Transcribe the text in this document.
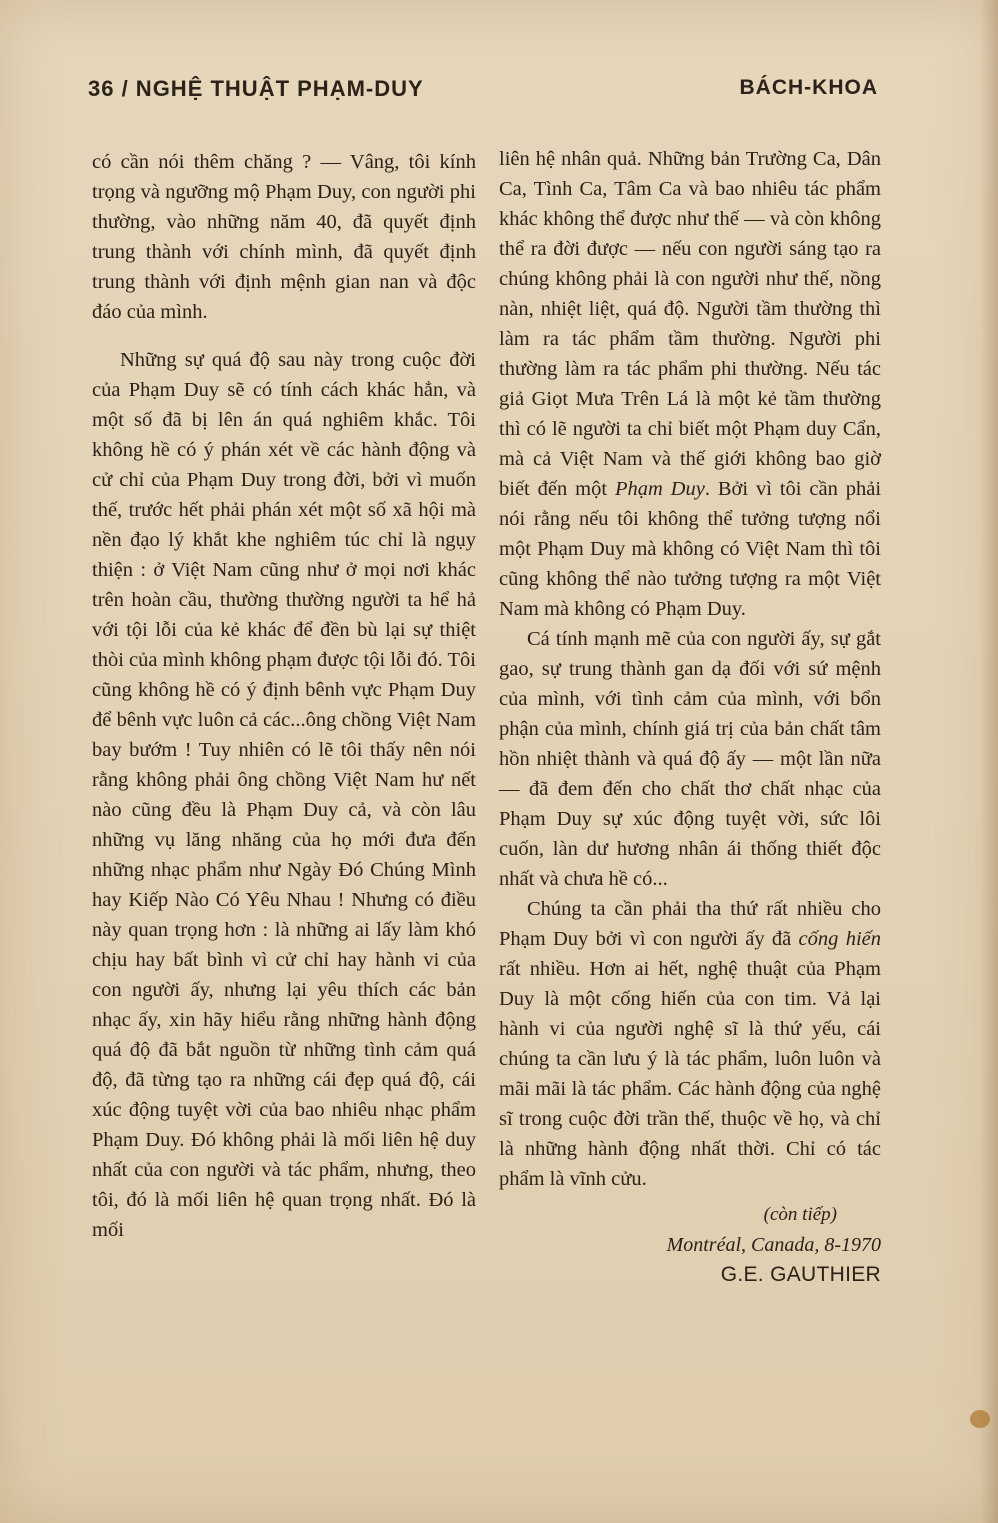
36 / NGHỆ THUẬT PHẠM-DUY	BÁCH-KHOA

có cần nói thêm chăng ? — Vâng, tôi kính trọng và ngưỡng mộ Phạm Duy, con người phi thường, vào những năm 40, đã quyết định trung thành với chính mình, đã quyết định trung thành với định mệnh gian nan và độc đáo của mình.

Những sự quá độ sau này trong cuộc đời của Phạm Duy sẽ có tính cách khác hẳn, và một số đã bị lên án quá nghiêm khắc. Tôi không hề có ý phán xét về các hành động và cử chỉ của Phạm Duy trong đời, bởi vì muốn thế, trước hết phải phán xét một số xã hội mà nền đạo lý khắt khe nghiêm túc chỉ là ngụy thiện : ở Việt Nam cũng như ở mọi nơi khác trên hoàn cầu, thường thường người ta hể hả với tội lỗi của kẻ khác để đền bù lại sự thiệt thòi của mình không phạm được tội lỗi đó. Tôi cũng không hề có ý định bênh vực Phạm Duy để bênh vực luôn cả các...ông chồng Việt Nam bay bướm ! Tuy nhiên có lẽ tôi thấy nên nói rằng không phải ông chồng Việt Nam hư nết nào cũng đều là Phạm Duy cả, và còn lâu những vụ lăng nhăng của họ mới đưa đến những nhạc phẩm như Ngày Đó Chúng Mình hay Kiếp Nào Có Yêu Nhau ! Nhưng có điều này quan trọng hơn : là những ai lấy làm khó chịu hay bất bình vì cử chỉ hay hành vi của con người ấy, nhưng lại yêu thích các bản nhạc ấy, xin hãy hiểu rằng những hành động quá độ đã bắt nguồn từ những tình cảm quá độ, đã từng tạo ra những cái đẹp quá độ, cái xúc động tuyệt vời của bao nhiêu nhạc phẩm Phạm Duy. Đó không phải là mối liên hệ duy nhất của con người và tác phẩm, nhưng, theo tôi, đó là mối liên hệ quan trọng nhất. Đó là mối

liên hệ nhân quả. Những bản Trường Ca, Dân Ca, Tình Ca, Tâm Ca và bao nhiêu tác phẩm khác không thể được như thế — và còn không thể ra đời được — nếu con người sáng tạo ra chúng không phải là con người như thế, nồng nàn, nhiệt liệt, quá độ. Người tầm thường thì làm ra tác phẩm tầm thường. Người phi thường làm ra tác phẩm phi thường. Nếu tác giả Giọt Mưa Trên Lá là một kẻ tầm thường thì có lẽ người ta chỉ biết một Phạm duy Cẩn, mà cả Việt Nam và thế giới không bao giờ biết đến một Phạm Duy. Bởi vì tôi cần phải nói rằng nếu tôi không thể tưởng tượng nổi một Phạm Duy mà không có Việt Nam thì tôi cũng không thể nào tưởng tượng ra một Việt Nam mà không có Phạm Duy.

Cá tính mạnh mẽ của con người ấy, sự gắt gao, sự trung thành gan dạ đối với sứ mệnh của mình, với tình cảm của mình, với bổn phận của mình, chính giá trị của bản chất tâm hồn nhiệt thành và quá độ ấy — một lần nữa — đã đem đến cho chất thơ chất nhạc của Phạm Duy sự xúc động tuyệt vời, sức lôi cuốn, làn dư hương nhân ái thống thiết độc nhất và chưa hề có...

Chúng ta cần phải tha thứ rất nhiều cho Phạm Duy bởi vì con người ấy đã cống hiến rất nhiều. Hơn ai hết, nghệ thuật của Phạm Duy là một cống hiến của con tim. Vả lại hành vi của người nghệ sĩ là thứ yếu, cái chúng ta cần lưu ý là tác phẩm, luôn luôn và mãi mãi là tác phẩm. Các hành động của nghệ sĩ trong cuộc đời trần thế, thuộc về họ, và chỉ là những hành động nhất thời. Chỉ có tác phẩm là vĩnh cửu.

(còn tiếp)
Montréal, Canada, 8-1970
G.E. GAUTHIER
